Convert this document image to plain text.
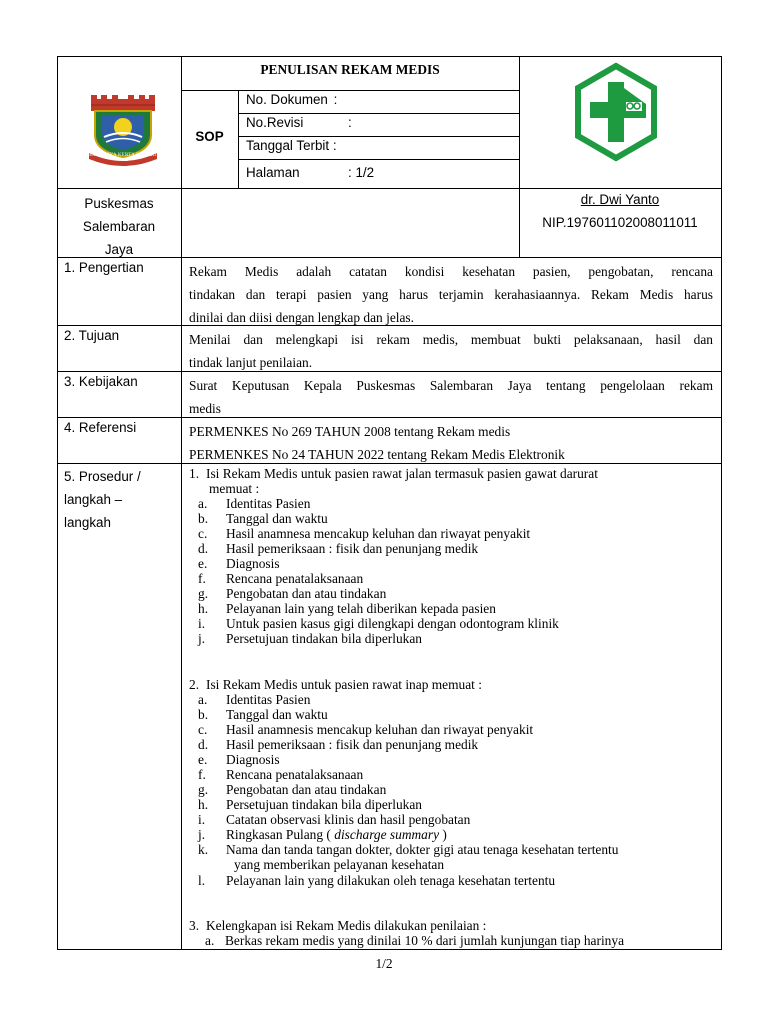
SEPEVARYA KERTA RAHARJA
PENULISAN REKAM MEDIS
SOP
No. Dokumen :
No.Revisi	:
Tanggal Terbit :
Halaman	: 1/2
Puskesmas
Salembaran
Jaya
dr. Dwi Yanto
NIP.197601102008011011
1. Pengertian	Rekam Medis adalah catatan kondisi kesehatan pasien, pengobatan, rencana
tindakan dan terapi pasien yang harus terjamin kerahasiaannya. Rekam Medis harus
dinilai dan diisi dengan lengkap dan jelas.
2. Tujuan	Menilai dan melengkapi isi rekam medis, membuat bukti pelaksanaan, hasil dan
tindak lanjut penilaian.
3. Kebijakan	Surat Keputusan Kepala Puskesmas Salembaran Jaya tentang pengelolaan rekam
medis
4. Referensi	PERMENKES No 269 TAHUN 2008 tentang Rekam medis
PERMENKES No 24 TAHUN 2022 tentang Rekam Medis Elektronik
5. Prosedur /
langkah –
langkah
1. Isi Rekam Medis untuk pasien rawat jalan termasuk pasien gawat darurat
memuat :
a. Identitas Pasien
b. Tanggal dan waktu
c. Hasil anamnesa mencakup keluhan dan riwayat penyakit
d. Hasil pemeriksaan : fisik dan penunjang medik
e. Diagnosis
f. Rencana penatalaksanaan
g. Pengobatan dan atau tindakan
h. Pelayanan lain yang telah diberikan kepada pasien
i. Untuk pasien kasus gigi dilengkapi dengan odontogram klinik
j. Persetujuan tindakan bila diperlukan
2. Isi Rekam Medis untuk pasien rawat inap memuat :
a. Identitas Pasien
b. Tanggal dan waktu
c. Hasil anamnesis mencakup keluhan dan riwayat penyakit
d. Hasil pemeriksaan : fisik dan penunjang medik
e. Diagnosis
f. Rencana penatalaksanaan
g. Pengobatan dan atau tindakan
h. Persetujuan tindakan bila diperlukan
i. Catatan observasi klinis dan hasil pengobatan
j. Ringkasan Pulang ( discharge summary )
k. Nama dan tanda tangan dokter, dokter gigi atau tenaga kesehatan tertentu
yang memberikan pelayanan kesehatan
l. Pelayanan lain yang dilakukan oleh tenaga kesehatan tertentu
3. Kelengkapan isi Rekam Medis dilakukan penilaian :
a. Berkas rekam medis yang dinilai 10 % dari jumlah kunjungan tiap harinya
1/2
